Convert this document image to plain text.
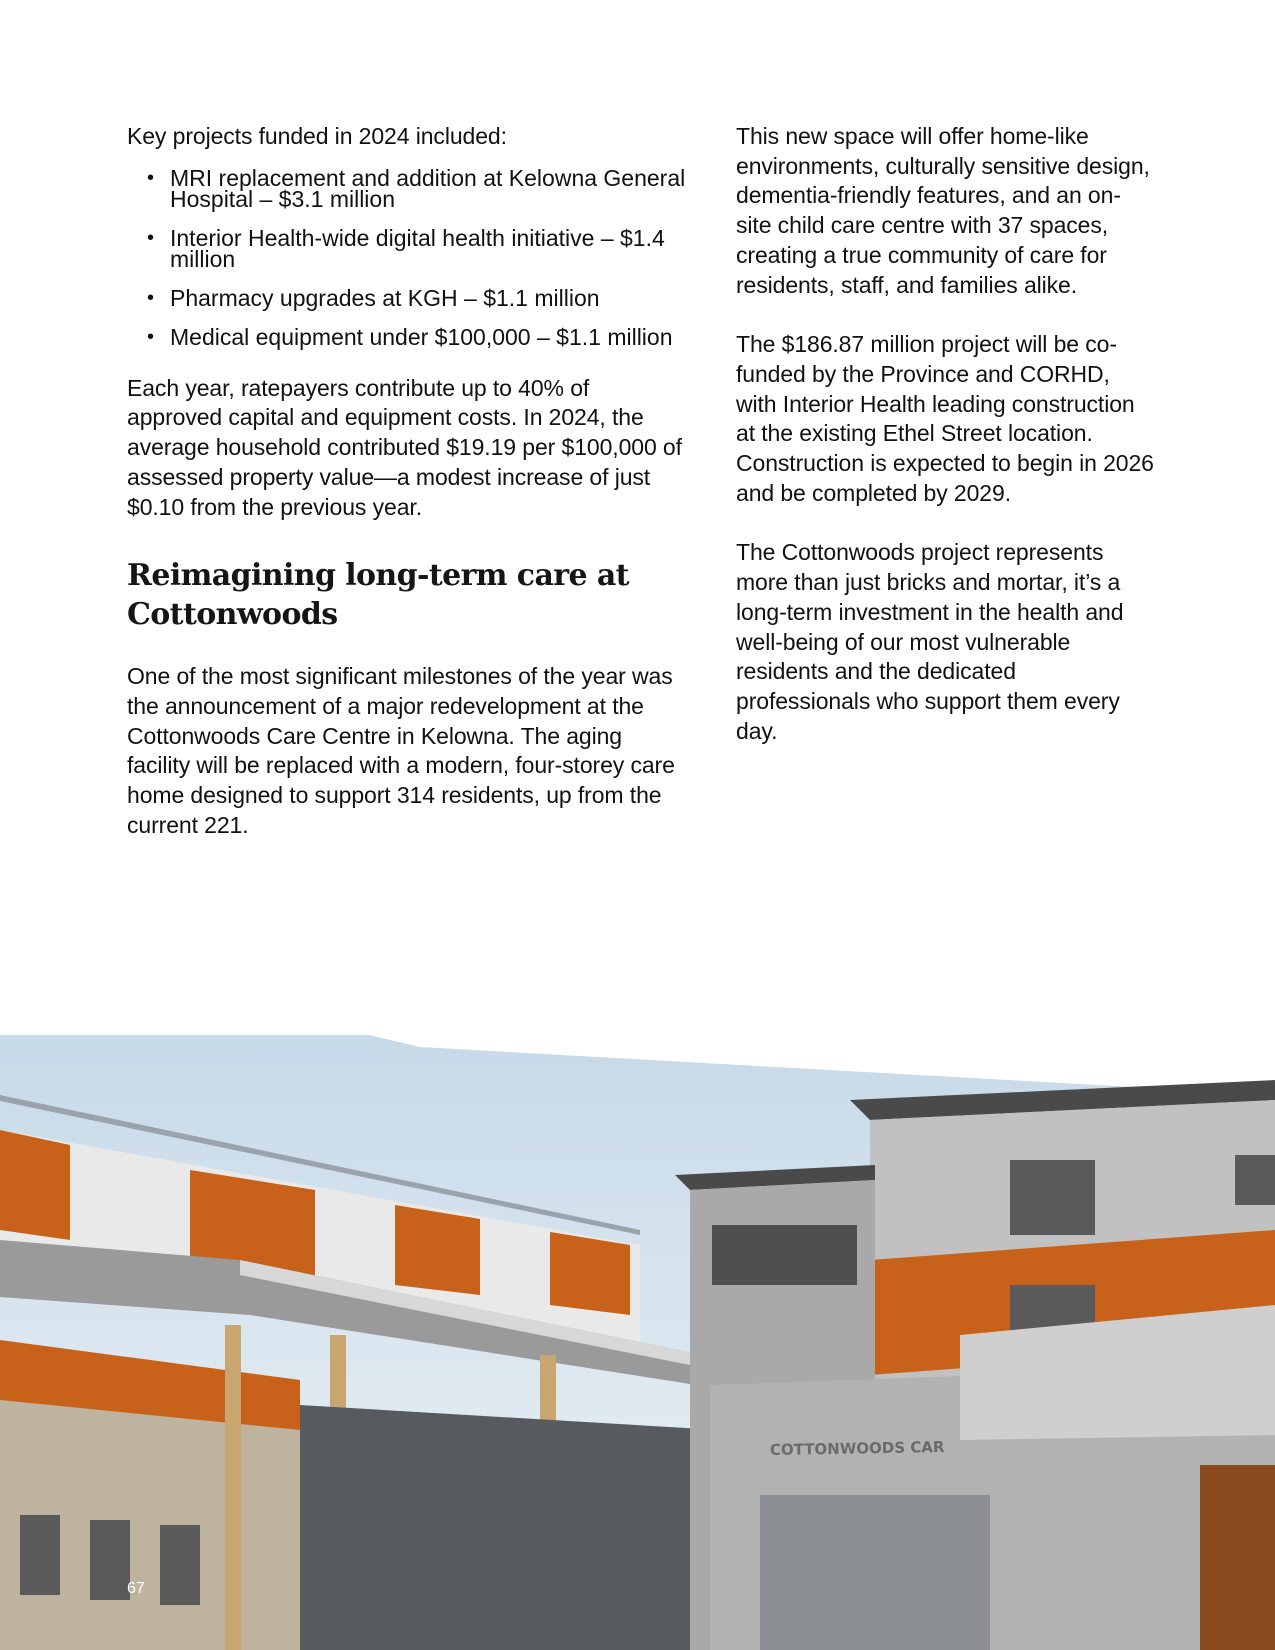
Key projects funded in 2024 included:

• MRI replacement and addition at Kelowna General Hospital – $3.1 million
• Interior Health-wide digital health initiative – $1.4 million
• Pharmacy upgrades at KGH – $1.1 million
• Medical equipment under $100,000 – $1.1 million

Each year, ratepayers contribute up to 40% of approved capital and equipment costs. In 2024, the average household contributed $19.19 per $100,000 of assessed property value—a modest increase of just $0.10 from the previous year.

Reimagining long-term care at Cottonwoods

One of the most significant milestones of the year was the announcement of a major redevelopment at the Cottonwoods Care Centre in Kelowna. The aging facility will be replaced with a modern, four-storey care home designed to support 314 residents, up from the current 221.

This new space will offer home-like environments, culturally sensitive design, dementia-friendly features, and an on-site child care centre with 37 spaces, creating a true community of care for residents, staff, and families alike.

The $186.87 million project will be co-funded by the Province and CORHD, with Interior Health leading construction at the existing Ethel Street location. Construction is expected to begin in 2026 and be completed by 2029.

The Cottonwoods project represents more than just bricks and mortar, it’s a long-term investment in the health and well-being of our most vulnerable residents and the dedicated professionals who support them every day.

COTTONWOODS CAR
67
